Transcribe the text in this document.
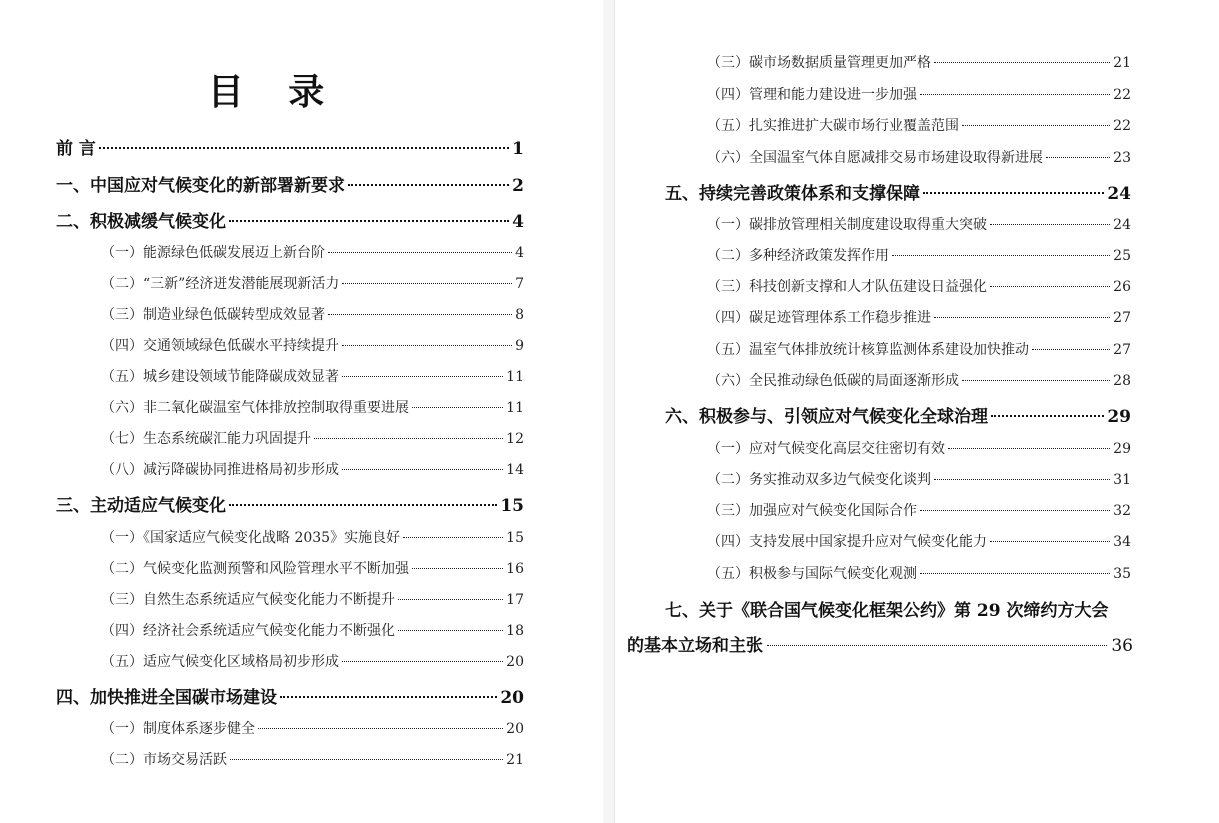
目 录
前 言	1
一、中国应对气候变化的新部署新要求	2
二、积极减缓气候变化	4
（一）能源绿色低碳发展迈上新台阶	4
（二）“三新”经济迸发潜能展现新活力	7
（三）制造业绿色低碳转型成效显著	8
（四）交通领域绿色低碳水平持续提升	9
（五）城乡建设领域节能降碳成效显著	11
（六）非二氧化碳温室气体排放控制取得重要进展	11
（七）生态系统碳汇能力巩固提升	12
（八）减污降碳协同推进格局初步形成	14
三、主动适应气候变化	15
（一）《国家适应气候变化战略 2035》实施良好	15
（二）气候变化监测预警和风险管理水平不断加强	16
（三）自然生态系统适应气候变化能力不断提升	17
（四）经济社会系统适应气候变化能力不断强化	18
（五）适应气候变化区域格局初步形成	20
四、加快推进全国碳市场建设	20
（一）制度体系逐步健全	20
（二）市场交易活跃	21
（三）碳市场数据质量管理更加严格	21
（四）管理和能力建设进一步加强	22
（五）扎实推进扩大碳市场行业覆盖范围	22
（六）全国温室气体自愿减排交易市场建设取得新进展	23
五、持续完善政策体系和支撑保障	24
（一）碳排放管理相关制度建设取得重大突破	24
（二）多种经济政策发挥作用	25
（三）科技创新支撑和人才队伍建设日益强化	26
（四）碳足迹管理体系工作稳步推进	27
（五）温室气体排放统计核算监测体系建设加快推动	27
（六）全民推动绿色低碳的局面逐渐形成	28
六、积极参与、引领应对气候变化全球治理	29
（一）应对气候变化高层交往密切有效	29
（二）务实推动双多边气候变化谈判	31
（三）加强应对气候变化国际合作	32
（四）支持发展中国家提升应对气候变化能力	34
（五）积极参与国际气候变化观测	35
七、关于《联合国气候变化框架公约》第 29 次缔约方大会
的基本立场和主张	36
